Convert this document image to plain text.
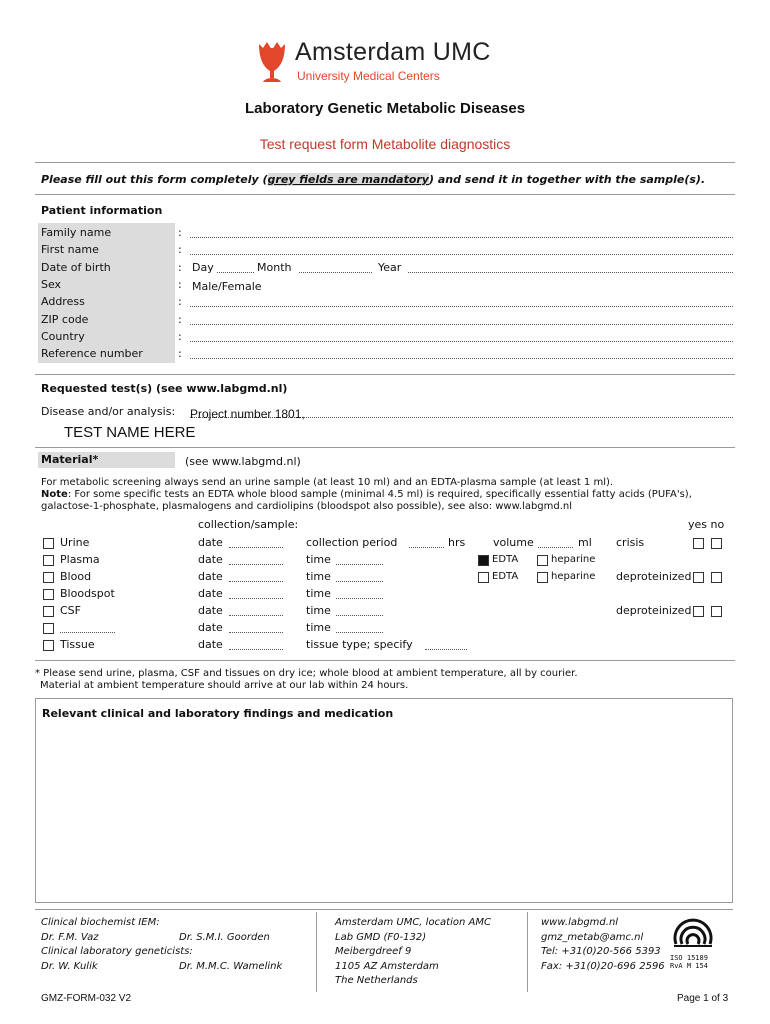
Amsterdam UMC
University Medical Centers
Laboratory Genetic Metabolic Diseases
Test request form Metabolite diagnostics
Please fill out this form completely (grey fields are mandatory) and send it in together with the sample(s).
Patient information
Family name	:
First name	:
Date of birth	: Day	Month	Year
Sex	: Male/Female
Address	:
ZIP code	:
Country	:
Reference number	:
Requested test(s) (see www.labgmd.nl)
Disease and/or analysis: Project number 1801,
TEST NAME HERE
Material*	(see www.labgmd.nl)
For metabolic screening always send an urine sample (at least 10 ml) and an EDTA-plasma sample (at least 1 ml).
Note: For some specific tests an EDTA whole blood sample (minimal 4.5 ml) is required, specifically essential fatty acids (PUFA's),
galactose-1-phosphate, plasmalogens and cardiolipins (bloodspot also possible), see also: www.labgmd.nl
collection/sample:	yes no
Urine	date	collection period	hrs	volume	ml crisis
Plasma	date	time	EDTA	heparine
Blood	date	time	EDTA	heparine deproteinized
Bloodspot	date	time
CSF	date	time	deproteinized
date	time
Tissue	date	tissue type; specify
* Please send urine, plasma, CSF and tissues on dry ice; whole blood at ambient temperature, all by courier.
Material at ambient temperature should arrive at our lab within 24 hours.
Relevant clinical and laboratory findings and medication
Clinical biochemist IEM:
Dr. F.M. Vaz	Dr. S.M.I. Goorden
Clinical laboratory geneticists:
Dr. W. Kulik	Dr. M.M.C. Wamelink
Amsterdam UMC, location AMC
Lab GMD (F0-132)
Meibergdreef 9
1105 AZ Amsterdam
The Netherlands
www.labgmd.nl
gmz_metab@amc.nl
Tel: +31(0)20-566 5393
Fax: +31(0)20-696 2596
ISO 15189 RvA M 154
GMZ-FORM-032 V2	Page 1 of 3
